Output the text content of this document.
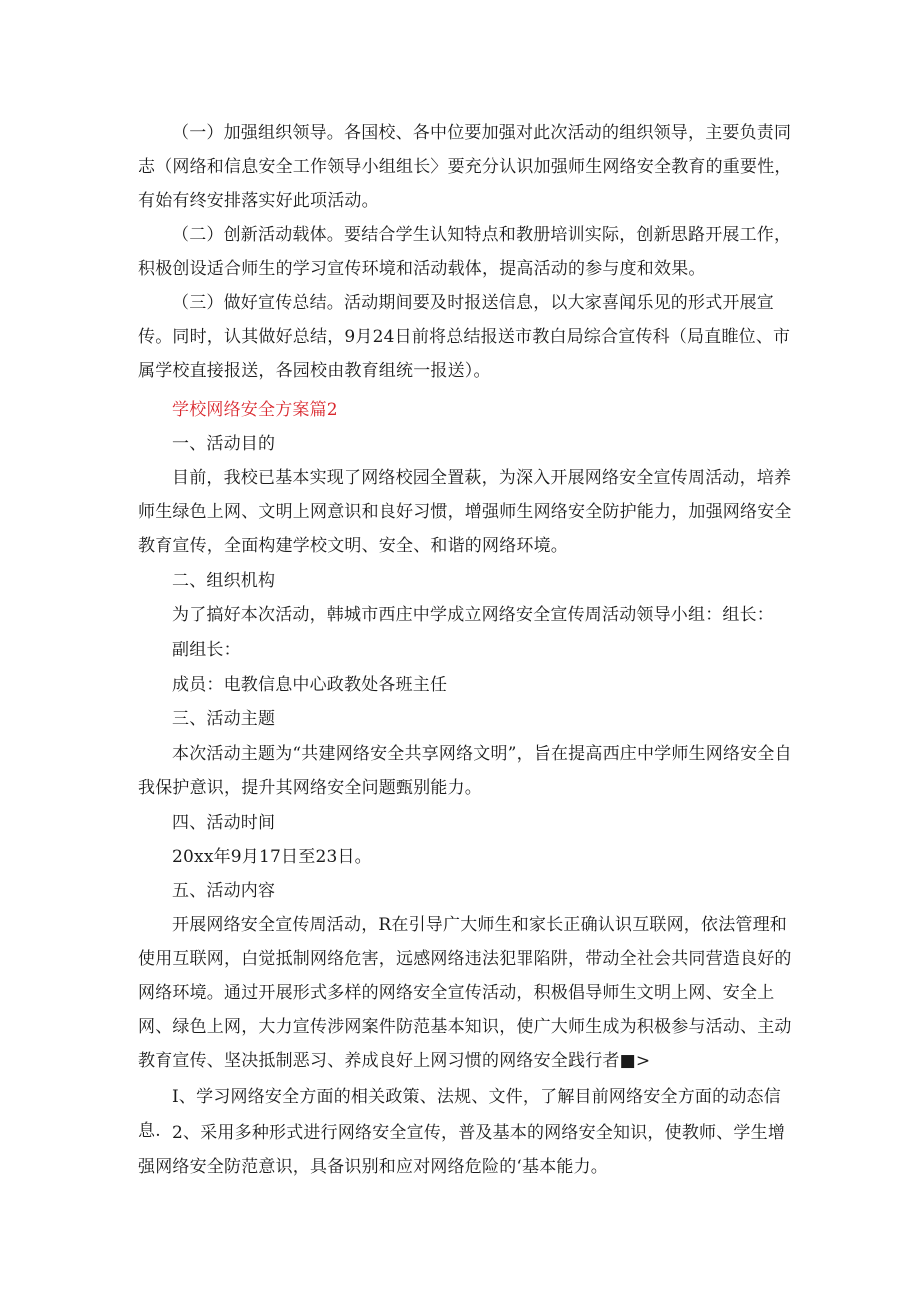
（一）加强组织领导。各国校、各中位要加强对此次活动的组织领导，主要负责同志（网络和信息安全工作领导小组组长〉要充分认识加强师生网络安全教育的重要性，有始有终安排落实好此项活动。

（二）创新活动载体。要结合学生认知特点和教册培训实际，创新思路开展工作，积极创设适合师生的学习宣传环境和活动载体，提高活动的参与度和效果。

（三）做好宣传总结。活动期间要及时报送信息，以大家喜闻乐见的形式开展宣传。同时，认其做好总结，9月24日前将总结报送市教白局综合宣传科（局直睢位、市属学校直接报送，各园校由教育组统一报送）。

学校网络安全方案篇2

一、活动目的

目前，我校已基本实现了网络校园全置萩，为深入开展网络安全宣传周活动，培养师生绿色上网、文明上网意识和良好习惯，增强师生网络安全防护能力，加强网络安全教育宣传，全面构建学校文明、安全、和谐的网络环境。

二、组织机构

为了搞好本次活动，韩城市西庄中学成立网络安全宣传周活动领导小组：组长：

副组长：

成员：电教信息中心政教处各班主任

三、活动主题

本次活动主题为“共建网络安全共享网络文明”，旨在提高西庄中学师生网络安全自我保护意识，提升其网络安全问题甄别能力。

四、活动时间

20xx年9月17日至23日。

五、活动内容

开展网络安全宣传周活动，R在引导广大师生和家长正确认识互联网，依法管理和使用互联网，白觉抵制网络危害，远感网络违法犯罪陷阱，带动全社会共同营造良好的网络环境。通过开展形式多样的网络安全宣传活动，积极倡导师生文明上网、安全上网、绿色上网，大力宣传涉网案件防范基本知识，使广大师生成为积极参与活动、主动教育宣传、坚决抵制恶习、养成良好上网习惯的网络安全践行者■>

I、学习网络安全方面的相关政策、法规、文件，了解目前网络安全方面的动态信息. 2、采用多种形式进行网络安全宣传，普及基本的网络安全知识，使教师、学生增强网络安全防范意识，具备识别和应对网络危险的‘基本能力。
